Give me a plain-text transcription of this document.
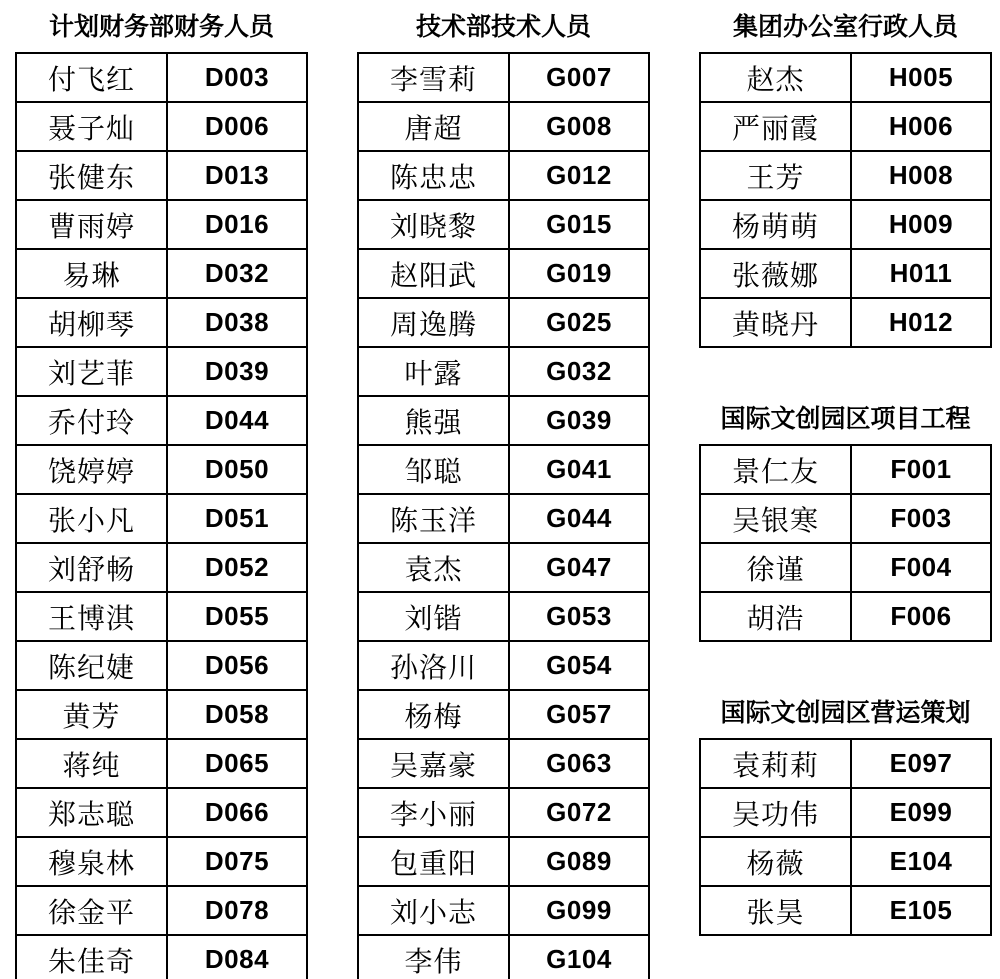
计划财务部财务人员
付飞红	D003
聂子灿	D006
张健东	D013
曹雨婷	D016
易琳	D032
胡柳琴	D038
刘艺菲	D039
乔付玲	D044
饶婷婷	D050
张小凡	D051
刘舒畅	D052
王博淇	D055
陈纪婕	D056
黄芳	D058
蒋纯	D065
郑志聪	D066
穆泉林	D075
徐金平	D078
朱佳奇	D084
技术部技术人员
李雪莉	G007
唐超	G008
陈忠忠	G012
刘晓黎	G015
赵阳武	G019
周逸腾	G025
叶露	G032
熊强	G039
邹聪	G041
陈玉洋	G044
袁杰	G047
刘锴	G053
孙洛川	G054
杨梅	G057
吴嘉豪	G063
李小丽	G072
包重阳	G089
刘小志	G099
李伟	G104
集团办公室行政人员
赵杰	H005
严丽霞	H006
王芳	H008
杨萌萌	H009
张薇娜	H011
黄晓丹	H012
国际文创园区项目工程
景仁友	F001
吴银寒	F003
徐谨	F004
胡浩	F006
国际文创园区营运策划
袁莉莉	E097
吴功伟	E099
杨薇	E104
张昊	E105
